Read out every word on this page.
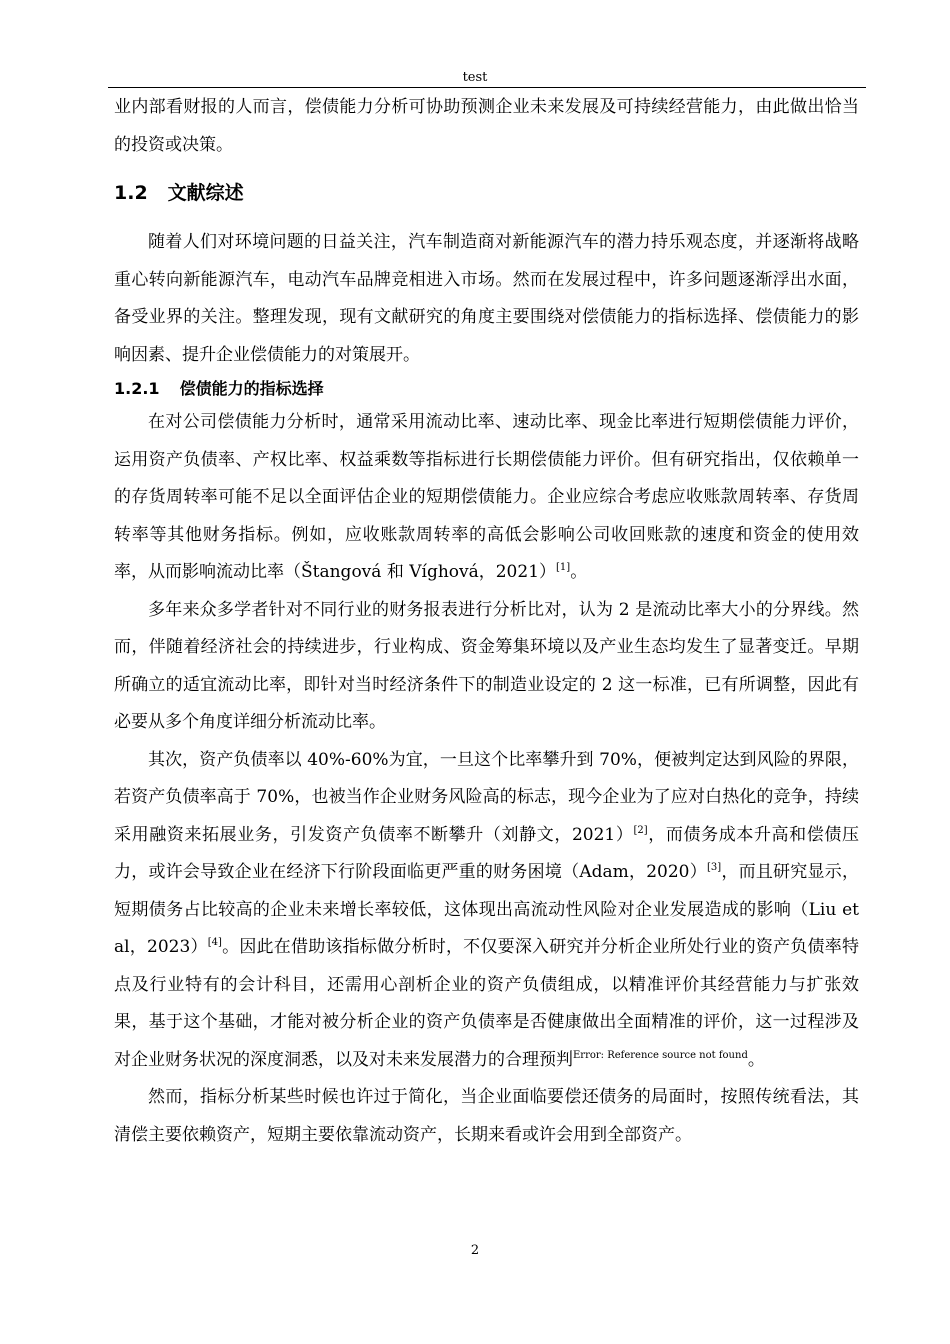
test

业内部看财报的人而言，偿债能力分析可协助预测企业未来发展及可持续经营能力，由此做出恰当的投资或决策。

1.2 文献综述

随着人们对环境问题的日益关注，汽车制造商对新能源汽车的潜力持乐观态度，并逐渐将战略重心转向新能源汽车，电动汽车品牌竞相进入市场。然而在发展过程中，许多问题逐渐浮出水面，备受业界的关注。整理发现，现有文献研究的角度主要围绕对偿债能力的指标选择、偿债能力的影响因素、提升企业偿债能力的对策展开。

1.2.1 偿债能力的指标选择

在对公司偿债能力分析时，通常采用流动比率、速动比率、现金比率进行短期偿债能力评价，运用资产负债率、产权比率、权益乘数等指标进行长期偿债能力评价。但有研究指出，仅依赖单一的存货周转率可能不足以全面评估企业的短期偿债能力。企业应综合考虑应收账款周转率、存货周转率等其他财务指标。例如，应收账款周转率的高低会影响公司收回账款的速度和资金的使用效率，从而影响流动比率（Štangová 和 Víghová，2021）[1]。

多年来众多学者针对不同行业的财务报表进行分析比对，认为 2 是流动比率大小的分界线。然而，伴随着经济社会的持续进步，行业构成、资金筹集环境以及产业生态均发生了显著变迁。早期所确立的适宜流动比率，即针对当时经济条件下的制造业设定的 2 这一标准，已有所调整，因此有必要从多个角度详细分析流动比率。

其次，资产负债率以 40%-60%为宜，一旦这个比率攀升到 70%，便被判定达到风险的界限，若资产负债率高于 70%，也被当作企业财务风险高的标志，现今企业为了应对白热化的竞争，持续采用融资来拓展业务，引发资产负债率不断攀升（刘静文，2021）[2]，而债务成本升高和偿债压力，或许会导致企业在经济下行阶段面临更严重的财务困境（Adam，2020）[3]，而且研究显示，短期债务占比较高的企业未来增长率较低，这体现出高流动性风险对企业发展造成的影响（Liu et al，2023）[4]。因此在借助该指标做分析时，不仅要深入研究并分析企业所处行业的资产负债率特点及行业特有的会计科目，还需用心剖析企业的资产负债组成，以精准评价其经营能力与扩张效果，基于这个基础，才能对被分析企业的资产负债率是否健康做出全面精准的评价，这一过程涉及对企业财务状况的深度洞悉，以及对未来发展潜力的合理预判$^{Error: Reference source not found}$。

然而，指标分析某些时候也许过于简化，当企业面临要偿还债务的局面时，按照传统看法，其清偿主要依赖资产，短期主要依靠流动资产，长期来看或许会用到全部资产。

2
